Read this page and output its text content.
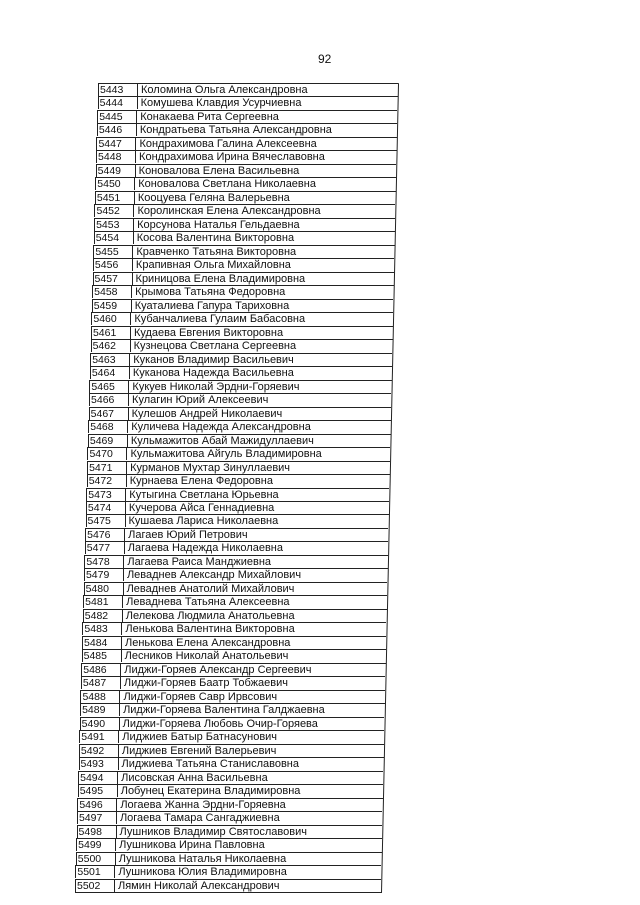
92
5443	Коломина Ольга Александровна
5444	Комушева Клавдия Усурчиевна
5445	Конакаева Рита Сергеевна
5446	Кондратьева Татьяна Александровна
5447	Кондрахимова Галина Алексеевна
5448	Кондрахимова Ирина Вячеславовна
5449	Коновалова Елена Васильевна
5450	Коновалова Светлана Николаевна
5451	Кооцуева Геляна Валерьевна
5452	Королинская Елена Александровна
5453	Корсунова Наталья Гельдаевна
5454	Косова Валентина Викторовна
5455	Кравченко Татьяна Викторовна
5456	Крапивная Ольга Михайловна
5457	Криницова Елена Владимировна
5458	Крымова Татьяна Федоровна
5459	Куаталиева Гапура Тариховна
5460	Кубанчалиева Гулаим Бабасовна
5461	Кудаева Евгения Викторовна
5462	Кузнецова Светлана Сергеевна
5463	Куканов Владимир Васильевич
5464	Куканова Надежда Васильевна
5465	Кукуев Николай Эрдни-Горяевич
5466	Кулагин Юрий Алексеевич
5467	Кулешов Андрей Николаевич
5468	Куличева Надежда Александровна
5469	Кульмажитов Абай Мажидуллаевич
5470	Кульмажитова Айгуль Владимировна
5471	Курманов Мухтар Зинуллаевич
5472	Курнаева Елена Федоровна
5473	Кутыгина Светлана Юрьевна
5474	Кучерова Айса Геннадиевна
5475	Кушаева Лариса Николаевна
5476	Лагаев Юрий Петрович
5477	Лагаева Надежда Николаевна
5478	Лагаева Раиса Манджиевна
5479	Леваднев Александр Михайлович
5480	Леваднев Анатолий Михайлович
5481	Леваднева Татьяна Алексеевна
5482	Лелекова Людмила Анатольевна
5483	Ленькова Валентина Викторовна
5484	Ленькова Елена Александровна
5485	Лесников Николай Анатольевич
5486	Лиджи-Горяев Александр Сергеевич
5487	Лиджи-Горяев Баатр Тобжаевич
5488	Лиджи-Горяев Савр Ирвсович
5489	Лиджи-Горяева Валентина Галджаевна
5490	Лиджи-Горяева Любовь Очир-Горяева
5491	Лиджиев Батыр Батнасунович
5492	Лиджиев Евгений Валерьевич
5493	Лиджиева Татьяна Станиславовна
5494	Лисовская Анна Васильевна
5495	Лобунец Екатерина Владимировна
5496	Логаева Жанна Эрдни-Горяевна
5497	Логаева Тамара Сангаджиевна
5498	Лушников Владимир Святославович
5499	Лушникова Ирина Павловна
5500	Лушникова Наталья Николаевна
5501	Лушникова Юлия Владимировна
5502	Лямин Николай Александрович
